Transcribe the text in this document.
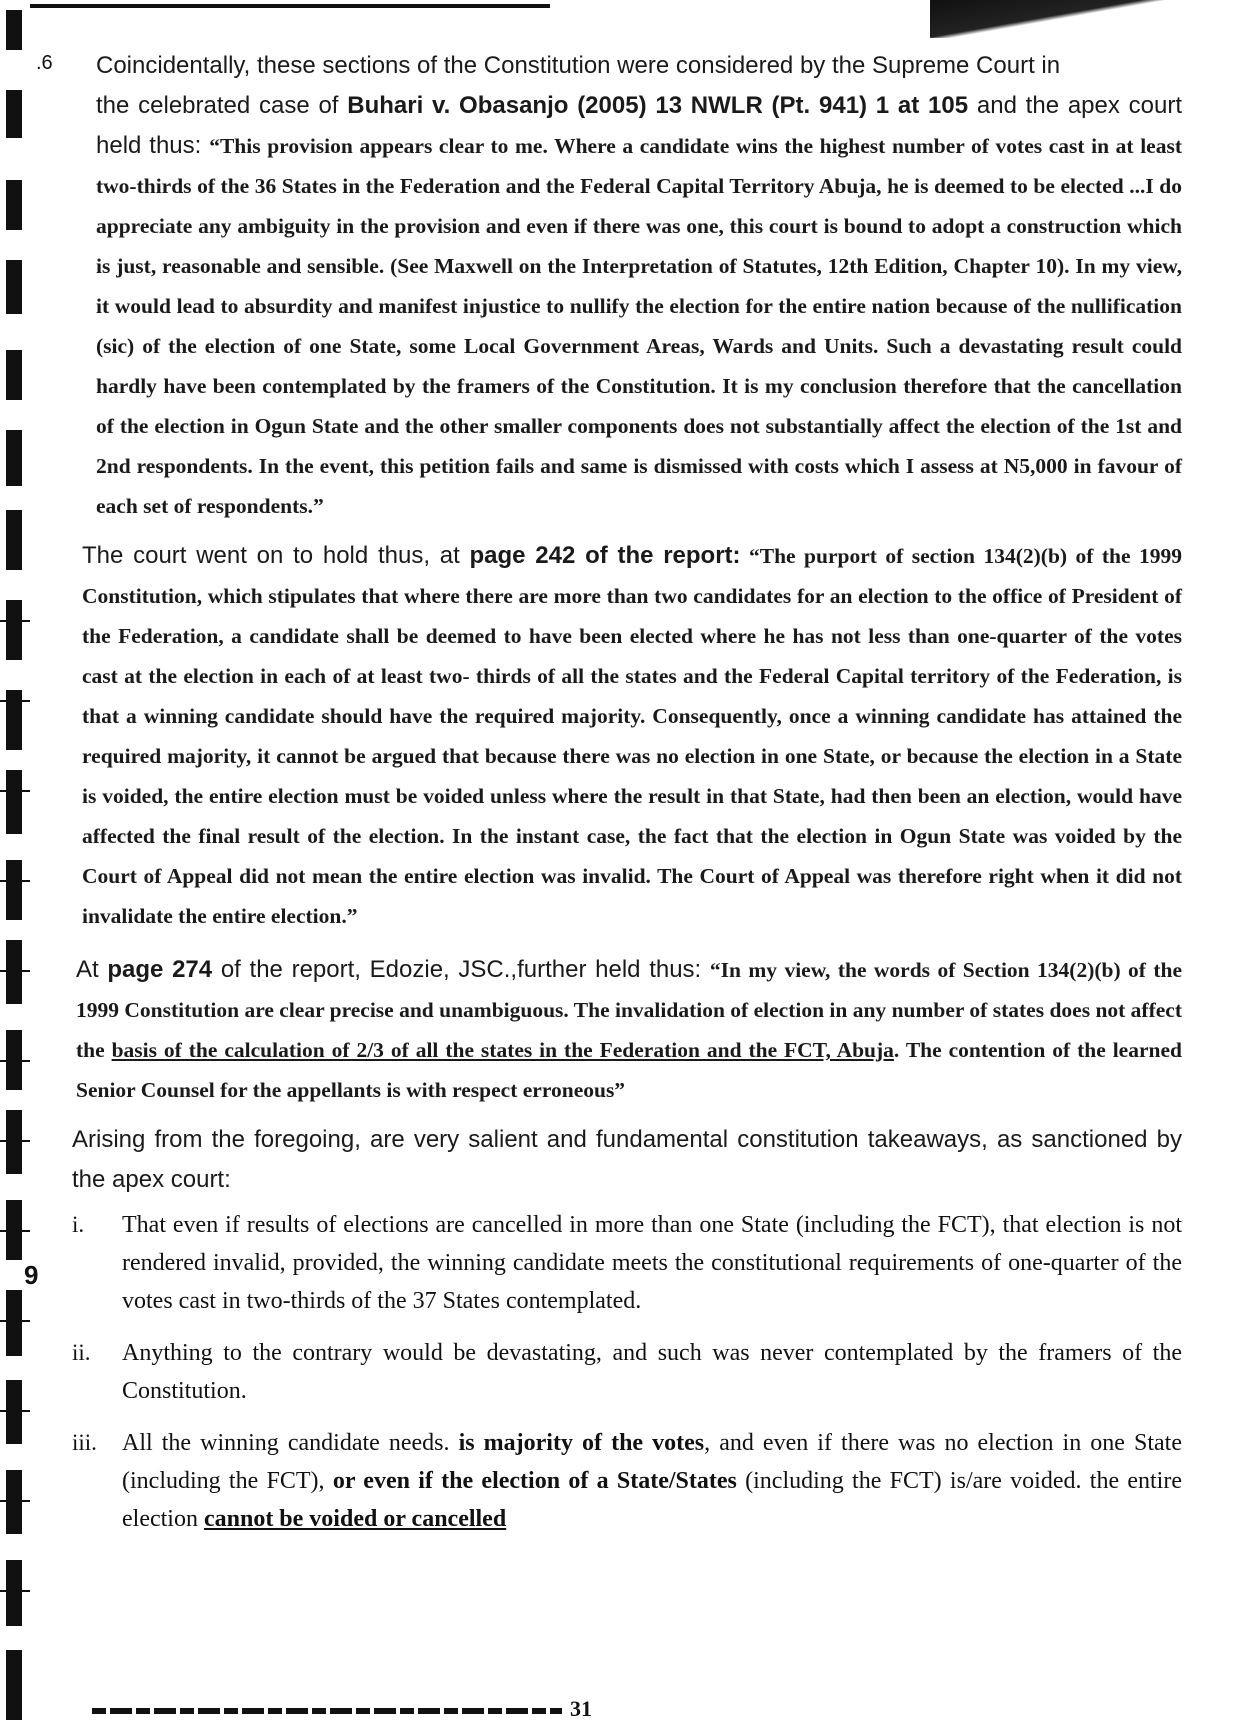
.6
9

Coincidentally, these sections of the Constitution were considered by the Supreme Court in

the celebrated case of Buhari v. Obasanjo (2005) 13 NWLR (Pt. 941) 1 at 105 and the apex court held thus: “This provision appears clear to me. Where a candidate wins the highest number of votes cast in at least two-thirds of the 36 States in the Federation and the Federal Capital Territory Abuja, he is deemed to be elected ...I do appreciate any ambiguity in the provision and even if there was one, this court is bound to adopt a construction which is just, reasonable and sensible. (See Maxwell on the Interpretation of Statutes, 12th Edition, Chapter 10). In my view, it would lead to absurdity and manifest injustice to nullify the election for the entire nation because of the nullification (sic) of the election of one State, some Local Government Areas, Wards and Units. Such a devastating result could hardly have been contemplated by the framers of the Constitution. It is my conclusion therefore that the cancellation of the election in Ogun State and the other smaller components does not substantially affect the election of the 1st and 2nd respondents. In the event, this petition fails and same is dismissed with costs which I assess at N5,000 in favour of each set of respondents.”

The court went on to hold thus, at page 242 of the report: “The purport of section 134(2)(b) of the 1999 Constitution, which stipulates that where there are more than two candidates for an election to the office of President of the Federation, a candidate shall be deemed to have been elected where he has not less than one-quarter of the votes cast at the election in each of at least two- thirds of all the states and the Federal Capital territory of the Federation, is that a winning candidate should have the required majority. Consequently, once a winning candidate has attained the required majority, it cannot be argued that because there was no election in one State, or because the election in a State is voided, the entire election must be voided unless where the result in that State, had then been an election, would have affected the final result of the election. In the instant case, the fact that the election in Ogun State was voided by the Court of Appeal did not mean the entire election was invalid. The Court of Appeal was therefore right when it did not invalidate the entire election.”

At page 274 of the report, Edozie, JSC.,further held thus: “In my view, the words of Section 134(2)(b) of the 1999 Constitution are clear precise and unambiguous. The invalidation of election in any number of states does not affect the basis of the calculation of 2/3 of all the states in the Federation and the FCT, Abuja. The contention of the learned Senior Counsel for the appellants is with respect erroneous”

Arising from the foregoing, are very salient and fundamental constitution takeaways, as sanctioned by the apex court:

i.	That even if results of elections are cancelled in more than one State (including the FCT), that election is not rendered invalid, provided, the winning candidate meets the constitutional requirements of one-quarter of the votes cast in two-thirds of the 37 States contemplated.
ii.	Anything to the contrary would be devastating, and such was never contemplated by the framers of the Constitution.
iii.	All the winning candidate needs. is majority of the votes, and even if there was no election in one State (including the FCT), or even if the election of a State/States (including the FCT) is/are voided. the entire election cannot be voided or cancelled
31
